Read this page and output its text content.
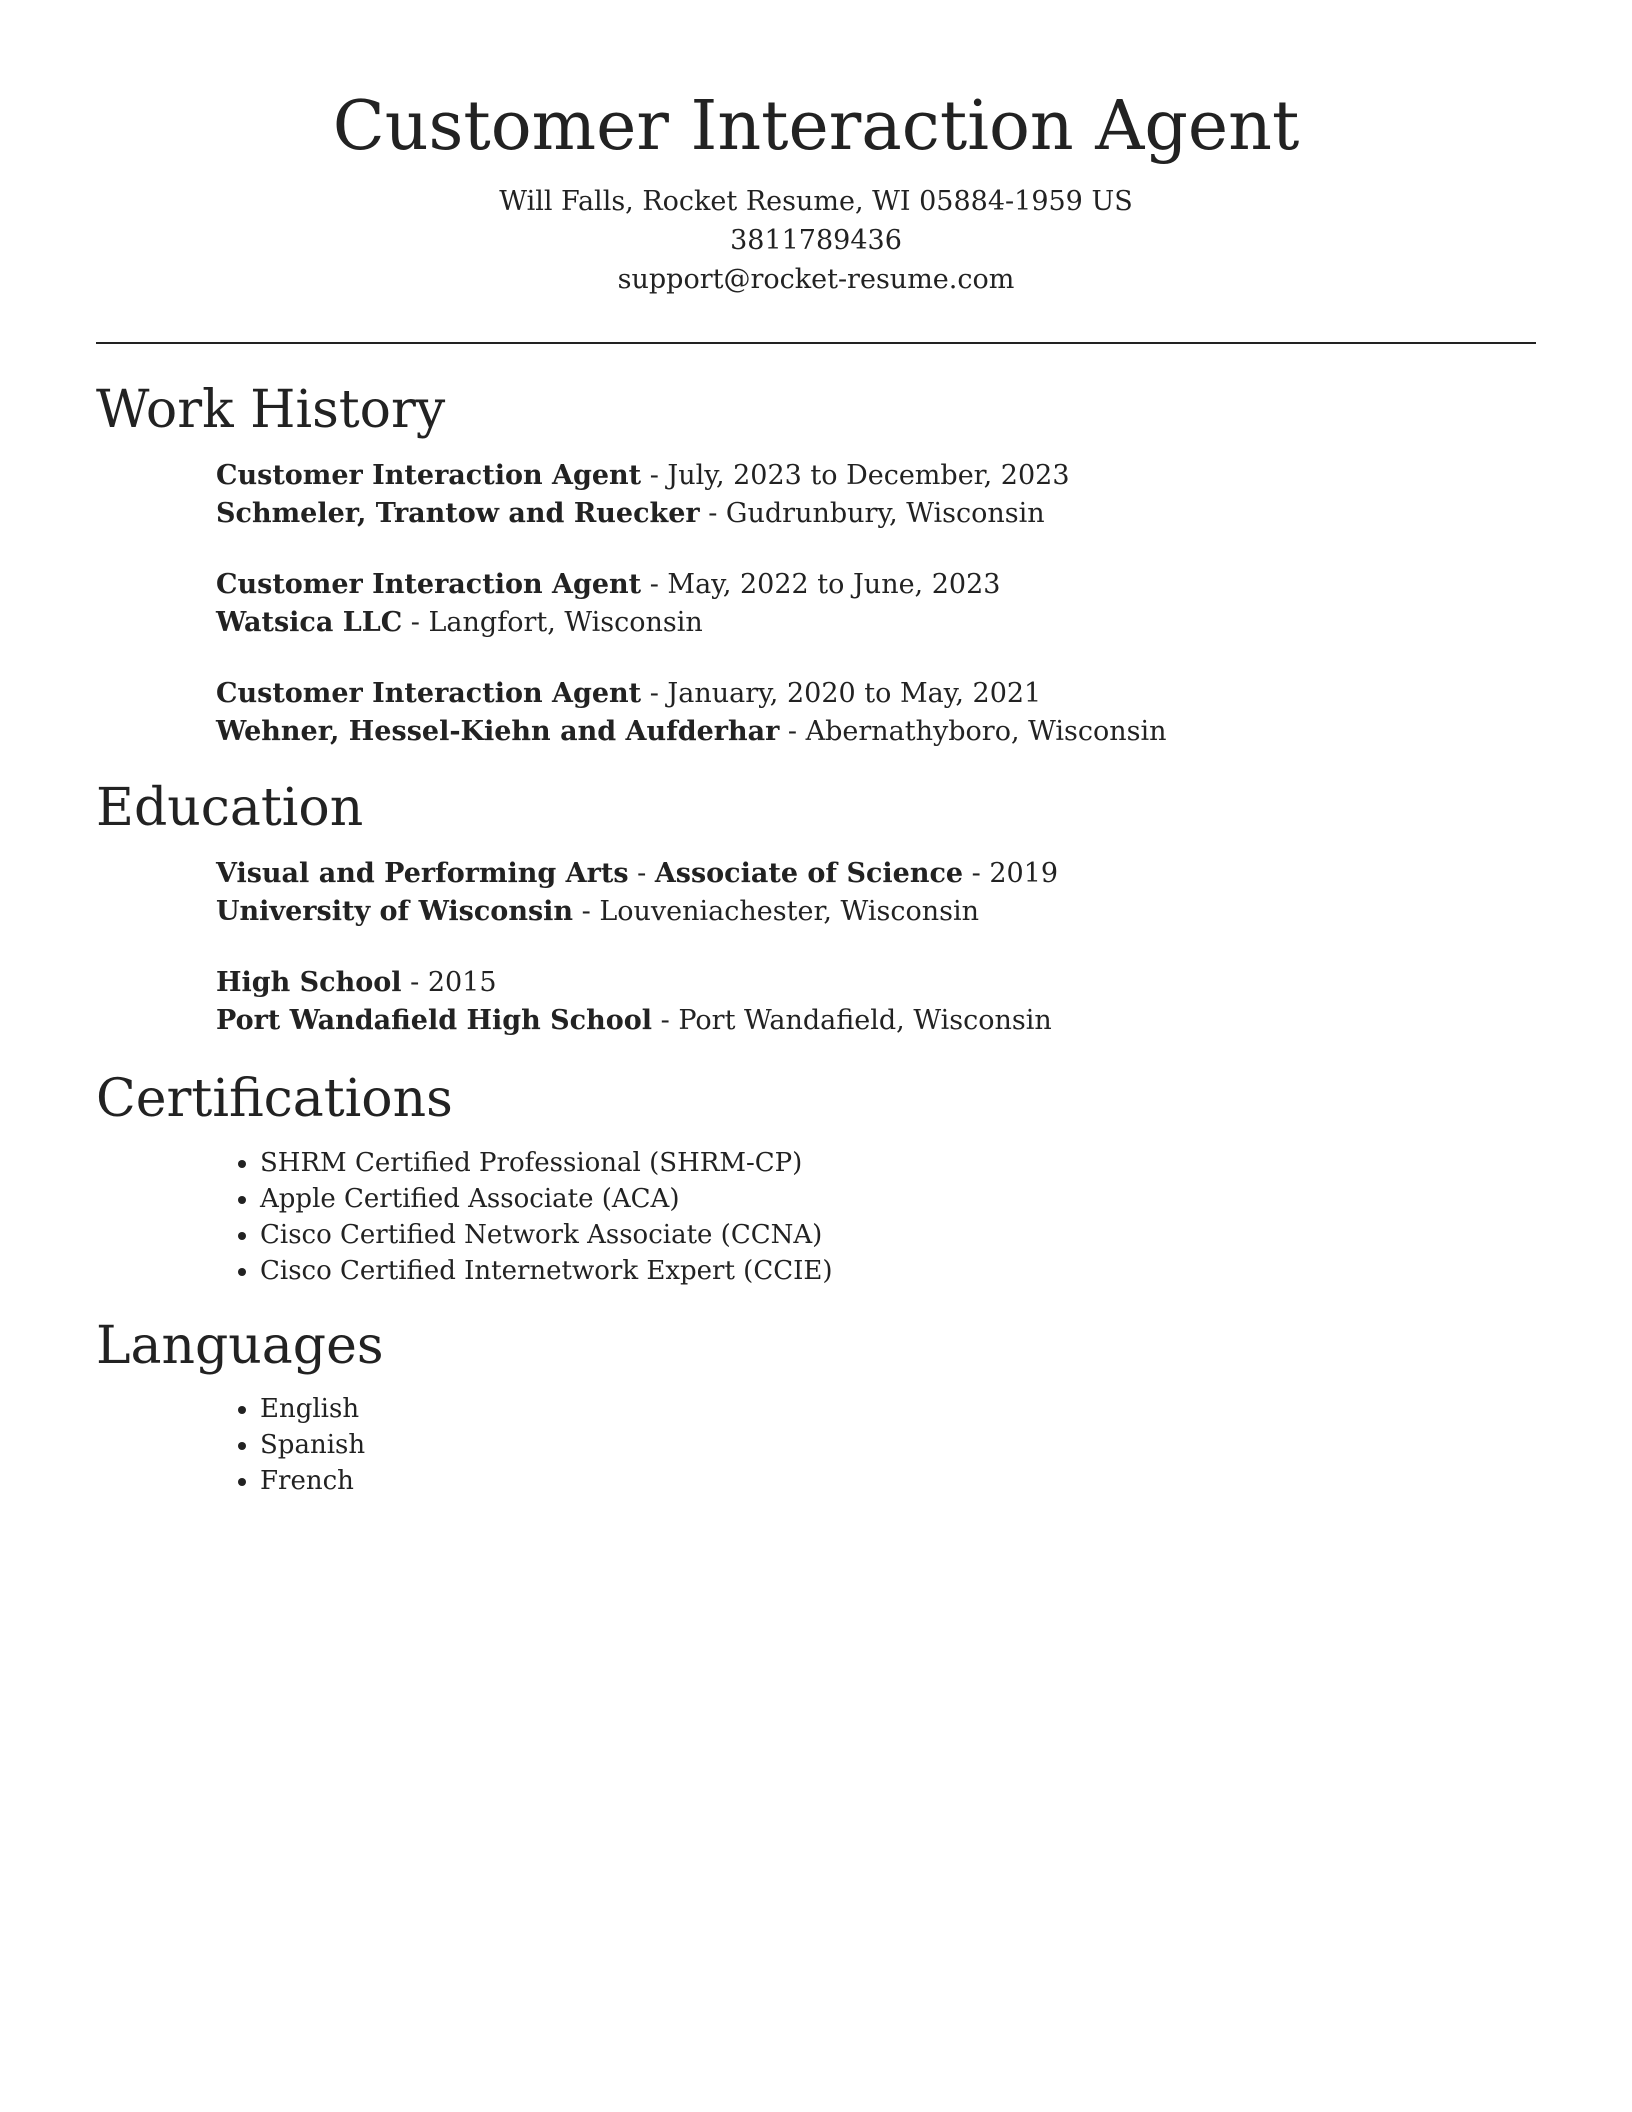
Customer Interaction Agent

Will Falls, Rocket Resume, WI 05884-1959 US

3811789436

support@rocket-resume.com

Work History
Customer Interaction Agent - July, 2023 to December, 2023
Schmeler, Trantow and Ruecker - Gudrunbury, Wisconsin
Customer Interaction Agent - May, 2022 to June, 2023
Watsica LLC - Langfort, Wisconsin
Customer Interaction Agent - January, 2020 to May, 2021
Wehner, Hessel-Kiehn and Aufderhar - Abernathyboro, Wisconsin
Education
Visual and Performing Arts - Associate of Science - 2019
University of Wisconsin - Louveniachester, Wisconsin
High School - 2015
Port Wandafield High School - Port Wandafield, Wisconsin
Certifications
• SHRM Certified Professional (SHRM-CP)
• Apple Certified Associate (ACA)
• Cisco Certified Network Associate (CCNA)
• Cisco Certified Internetwork Expert (CCIE)
Languages
• English
• Spanish
• French
